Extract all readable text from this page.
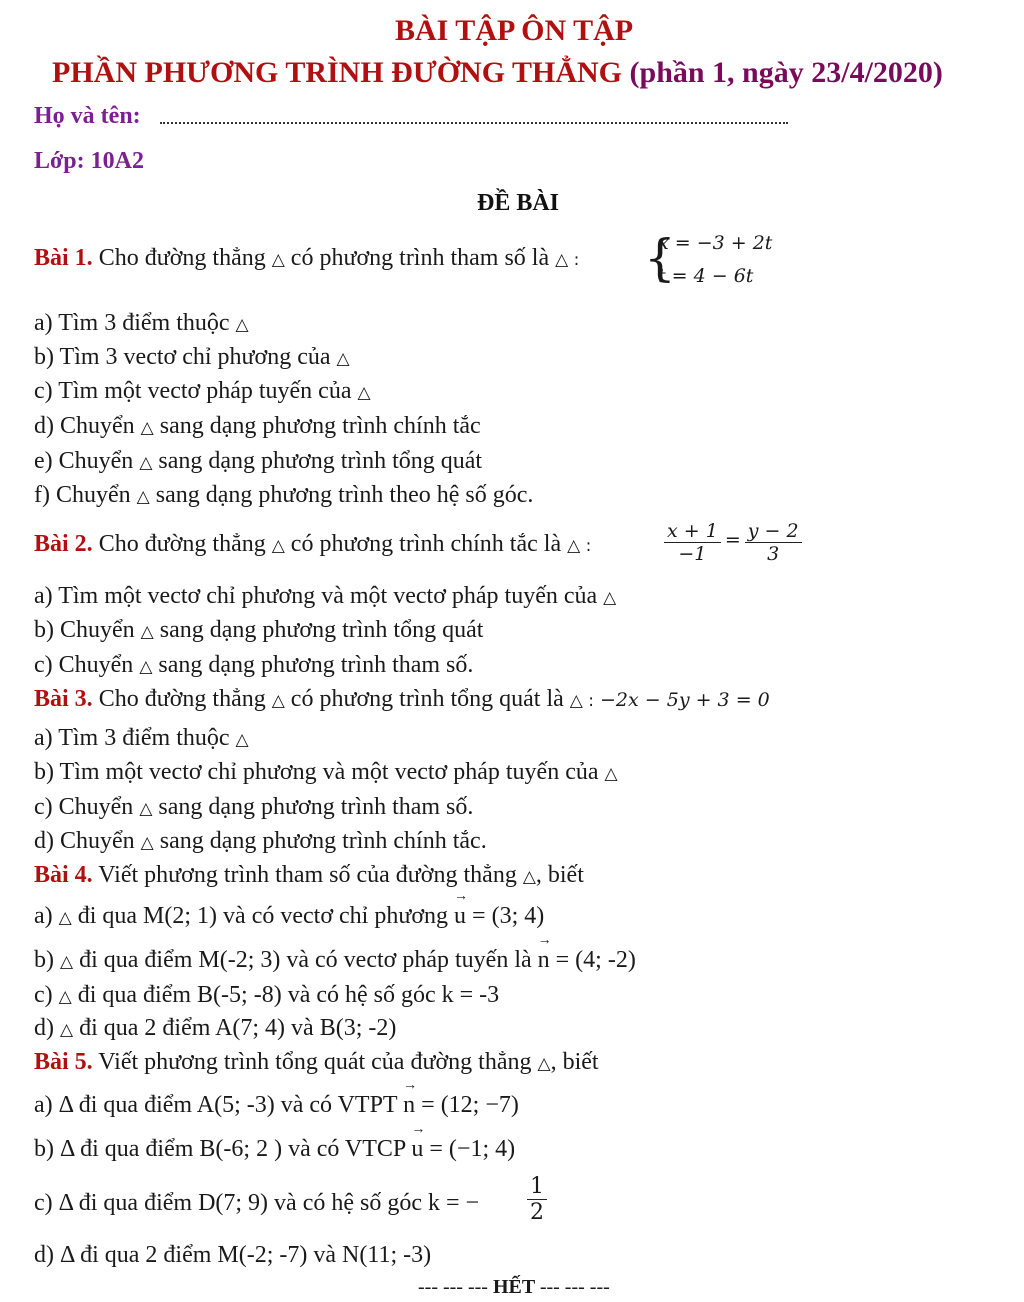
BÀI TẬP ÔN TẬP
PHẦN PHƯƠNG TRÌNH ĐƯỜNG THẲNG (phần 1, ngày 23/4/2020)
Họ và tên:
Lớp: 10A2
ĐỀ BÀI
Bài 1. Cho đường thẳng △ có phương trình tham số là △ : {
x = −3 + 2t
t = 4 − 6t
a) Tìm 3 điểm thuộc △
b) Tìm 3 vectơ chỉ phương của △
c) Tìm một vectơ pháp tuyến của △
d) Chuyển △ sang dạng phương trình chính tắc
e) Chuyển △ sang dạng phương trình tổng quát
f) Chuyển △ sang dạng phương trình theo hệ số góc.
Bài 2. Cho đường thẳng △ có phương trình chính tắc là △ :	$\frac{x + 1}{-1} = \frac{y - 2}{3}$
a) Tìm một vectơ chỉ phương và một vectơ pháp tuyến của △
b) Chuyển △ sang dạng phương trình tổng quát
c) Chuyển △ sang dạng phương trình tham số.
Bài 3. Cho đường thẳng △ có phương trình tổng quát là △ : −2x − 5y + 3 = 0
a) Tìm 3 điểm thuộc △
b) Tìm một vectơ chỉ phương và một vectơ pháp tuyến của △
c) Chuyển △ sang dạng phương trình tham số.
d) Chuyển △ sang dạng phương trình chính tắc.
Bài 4. Viết phương trình tham số của đường thẳng △, biết
a) △ đi qua M(2; 1) và có vectơ chỉ phương → u = (3; 4)
b) △ đi qua điểm M(-2; 3) và có vectơ pháp tuyến là → n = (4; -2)
c) △ đi qua điểm B(-5; -8) và có hệ số góc k = -3
d) △ đi qua 2 điểm A(7; 4) và B(3; -2)
Bài 5. Viết phương trình tổng quát của đường thẳng △, biết
a) Δ đi qua điểm A(5; -3) và có VTPT → n = (12; −7)
b) Δ đi qua điểm B(-6; 2 ) và có VTCP → u = (−1; 4)
c) Δ đi qua điểm D(7; 9) và có hệ số góc k = − $\frac{1}{2}$
d) Δ đi qua 2 điểm M(-2; -7) và N(11; -3)
--- --- --- HẾT --- --- ---
